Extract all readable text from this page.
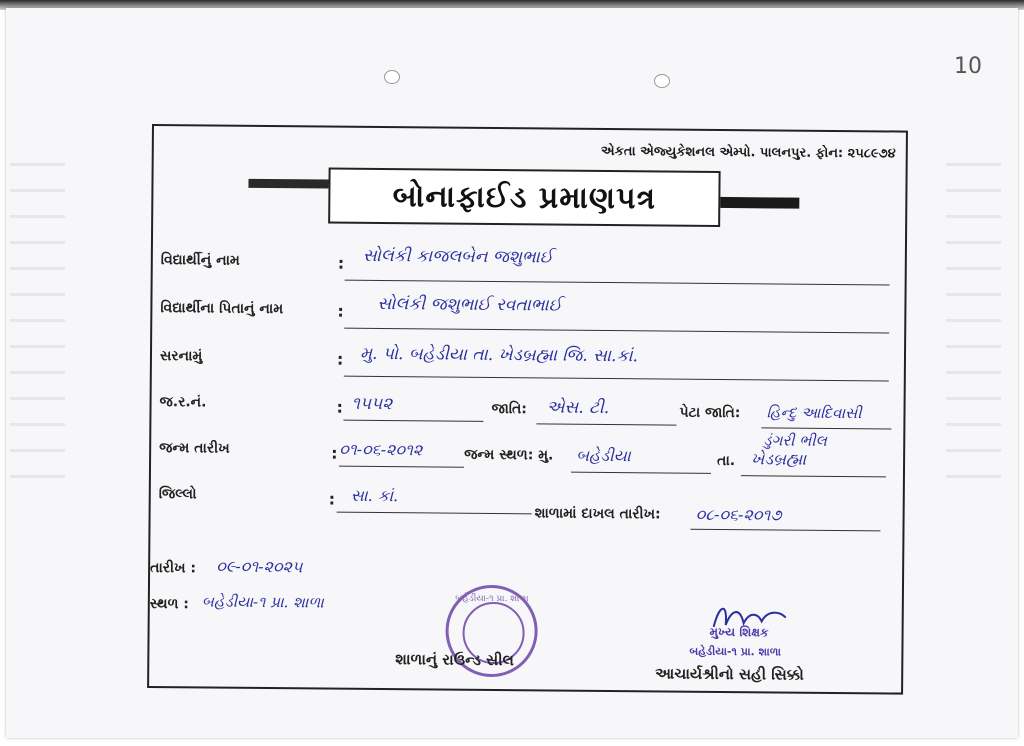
10
એકતા એજ્યુકેશનલ એમ્પો. પાલનપુર. ફોન: ૨૫૮૯૭૪
બોનાફાઈડ પ્રમાણપત્ર
વિદ્યાર્થીનું નામ	: સોલંકી કાજલબેન જશુભાઈ
વિદ્યાર્થીના પિતાનું નામ	: સોલંકી જશુભાઈ રવતાભાઈ
સરનામું	: મુ. પો. બહેડીયા તા. ખેડબ્રહ્મા જિ. સા.કાં.
જ.ર.નં.	: ૧૫૫૨	જાતિ: એસ. ટી.	પેટા જાતિ: હિન્દુ આદિવાસી
ડુંગરી ભીલ
જન્મ તારીખ	: ૦૧-૦૬-૨૦૧૨	જન્મ સ્થળ: મુ. બહેડીયા	તા. ખેડબ્રહ્મા
જિલ્લો	: સા. કાં.
શાળામાં દાખલ તારીખ: ૦૮-૦૬-૨૦૧૭
તારીખ : ૦૯-૦૧-૨૦૨૫
સ્થળ : બહેડીયા-૧ પ્રા. શાળા	બહેડીયા-૧ પ્રા. શાળા
શાળાનું રાઉન્ડ સીલ
મુખ્ય શિક્ષક
બહેડીયા-૧ પ્રા. શાળા
આચાર્યશ્રીનો સહી સિક્કો
